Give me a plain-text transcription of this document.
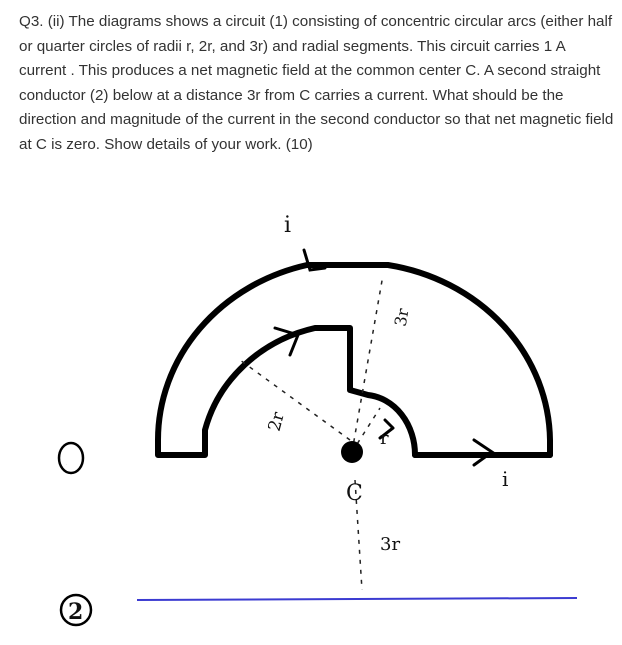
Q3. (ii) The diagrams shows a circuit (1) consisting of concentric circular arcs (either half or quarter circles of radii r, 2r, and 3r) and radial segments. This circuit carries 1 A current . This produces a net magnetic field at the common center C. A second straight conductor (2) below at a distance 3r from C carries a current. What should be the direction and magnitude of the current in the second conductor so that net magnetic field at C is zero. Show details of your work. (10)

i
i
3r
2r
r
C
3r
1
2
